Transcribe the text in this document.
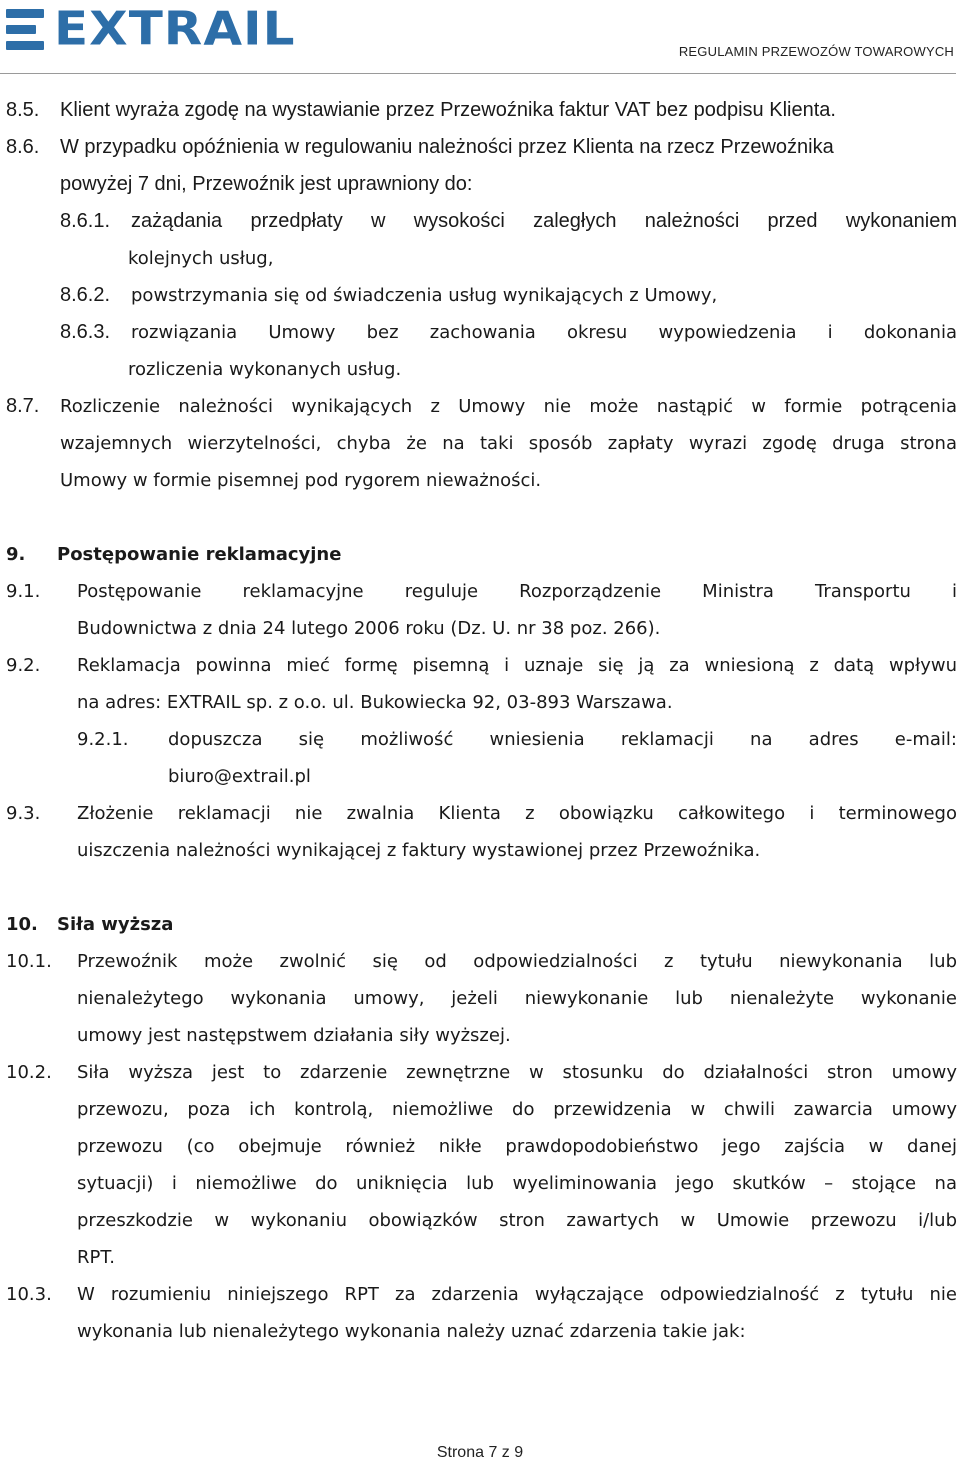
EXTRAIL	REGULAMIN PRZEWOZÓW TOWAROWYCH
8.5. Klient wyraża zgodę na wystawianie przez Przewoźnika faktur VAT bez podpisu Klienta.
8.6. W przypadku opóźnienia w regulowaniu należności przez Klienta na rzecz Przewoźnika
powyżej 7 dni, Przewoźnik jest uprawniony do:
8.6.1. zażądania przedpłaty w wysokości zaległych należności przed wykonaniem
kolejnych usług,
8.6.2. powstrzymania się od świadczenia usług wynikających z Umowy,
8.6.3. rozwiązania Umowy bez zachowania okresu wypowiedzenia i dokonania
rozliczenia wykonanych usług.
8.7. Rozliczenie należności wynikających z Umowy nie może nastąpić w formie potrącenia
wzajemnych wierzytelności, chyba że na taki sposób zapłaty wyrazi zgodę druga strona
Umowy w formie pisemnej pod rygorem nieważności.
9. Postępowanie reklamacyjne
9.1. Postępowanie reklamacyjne reguluje Rozporządzenie Ministra Transportu i
Budownictwa z dnia 24 lutego 2006 roku (Dz. U. nr 38 poz. 266).
9.2. Reklamacja powinna mieć formę pisemną i uznaje się ją za wniesioną z datą wpływu
na adres: EXTRAIL sp. z o.o. ul. Bukowiecka 92, 03-893 Warszawa.
9.2.1. dopuszcza się możliwość wniesienia reklamacji na adres e-mail:
biuro@extrail.pl
9.3. Złożenie reklamacji nie zwalnia Klienta z obowiązku całkowitego i terminowego
uiszczenia należności wynikającej z faktury wystawionej przez Przewoźnika.
10. Siła wyższa
10.1. Przewoźnik może zwolnić się od odpowiedzialności z tytułu niewykonania lub
nienależytego wykonania umowy, jeżeli niewykonanie lub nienależyte wykonanie
umowy jest następstwem działania siły wyższej.
10.2. Siła wyższa jest to zdarzenie zewnętrzne w stosunku do działalności stron umowy
przewozu, poza ich kontrolą, niemożliwe do przewidzenia w chwili zawarcia umowy
przewozu (co obejmuje również nikłe prawdopodobieństwo jego zajścia w danej
sytuacji) i niemożliwe do uniknięcia lub wyeliminowania jego skutków – stojące na
przeszkodzie w wykonaniu obowiązków stron zawartych w Umowie przewozu i/lub
RPT.
10.3. W rozumieniu niniejszego RPT za zdarzenia wyłączające odpowiedzialność z tytułu nie
wykonania lub nienależytego wykonania należy uznać zdarzenia takie jak:
Strona 7 z 9
